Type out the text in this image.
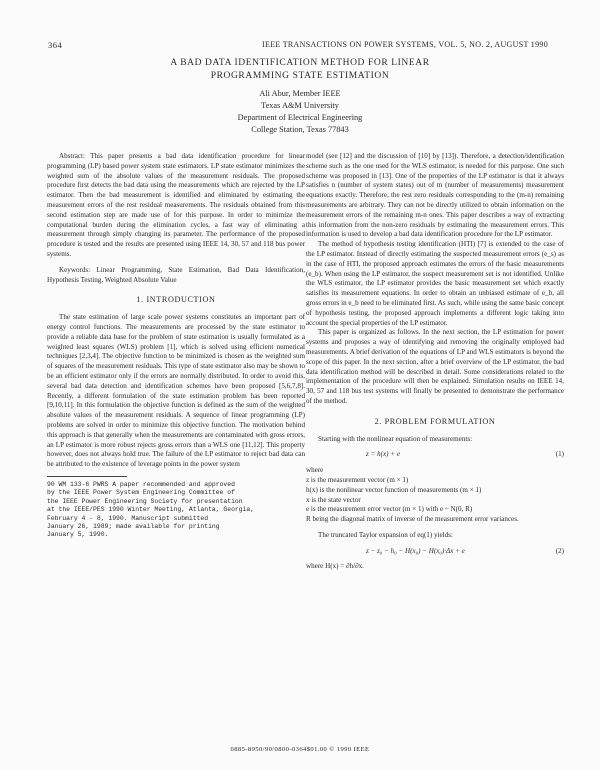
364	IEEE TRANSACTIONS ON POWER SYSTEMS, VOL. 5, NO. 2, AUGUST 1990
A BAD DATA IDENTIFICATION METHOD FOR LINEAR
PROGRAMMING STATE ESTIMATION
Ali Abur, Member IEEE
Texas A&M University
Department of Electrical Engineering
College Station, Texas 77843

Abstract: This paper presents a bad data identification procedure for linear programming (LP) based power system state estimators. LP state estimator minimizes the weighted sum of the absolute values of the measurement residuals. The proposed procedure first detects the bad data using the measurements which are rejected by the LP estimator. Then the bad measurement is identified and eliminated by estimating the measurement errors of the rest residual measurements. The residuals obtained from this second estimation step are made use of for this purpose. In order to minimize the computational burden during the elimination cycles, a fast way of eliminating a measurement through simply changing its parameter. The performance of the proposed procedure is tested and the results are presented using IEEE 14, 30, 57 and 118 bus power systems.

Keywords: Linear Programming, State Estimation, Bad Data Identification, Hypothesis Testing, Weighted Absolute Value

1. INTRODUCTION

The state estimation of large scale power systems constitutes an important part of energy control functions. The measurements are processed by the state estimator to provide a reliable data base for the problem of state estimation is usually formulated as a weighted least squares (WLS) problem [1], which is solved using efficient numerical techniques [2,3,4]. The objective function to be minimized is chosen as the weighted sum of squares of the measurement residuals. This type of state estimator also may be shown to be an efficient estimator only if the errors are normally distributed. In order to avoid this, several bad data detection and identification schemes have been proposed [5,6,7,8]. Recently, a different formulation of the state estimation problem has been reported [9,10,11]. In this formulation the objective function is defined as the sum of the weighted absolute values of the measurement residuals. A sequence of linear programming (LP) problems are solved in order to minimize this objective function. The motivation behind this approach is that generally when the measurements are contaminated with gross errors, an LP estimator is more robust rejects gross errors than a WLS one [11,12]. This property however, does not always hold true. The failure of the LP estimator to reject bad data can be attributed to the existence of leverage points in the power system

90 WM 133-6 PWRS A paper recommended and approved
by the IEEE Power System Engineering Committee of
the IEEE Power Engineering Society for presentation
at the IEEE/PES 1990 Winter Meeting, Atlanta, Georgia,
February 4 - 8, 1990. Manuscript submitted
January 26, 1989; made available for printing
January 5, 1990.

model (see [12] and the discussion of [10] by [13]). Therefore, a detection/identification scheme such as the one used for the WLS estimator, is needed for this purpose. One such scheme was proposed in [13]. One of the properties of the LP estimator is that it always satisfies n (number of system states) out of m (number of measurements) measurement equations exactly. Therefore, the rest zero residuals corresponding to the (m-n) remaining measurements are arbitrary. They can not be directly utilized to obtain information on the measurement errors of the remaining m-n ones. This paper describes a way of extracting this information from the non-zero residuals by estimating the measurement errors. This information is used to develop a bad data identification procedure for the LP estimator.

The method of hypothesis testing identification (HTI) [7] is extended to the case of the LP estimator. Instead of directly estimating the suspected measurement errors (e_s) as in the case of HTI, the proposed approach estimates the errors of the basic measurements (e_b). When using the LP estimator, the suspect measurement set is not identified. Unlike the WLS estimator, the LP estimator provides the basic measurement set which exactly satisfies its measurement equations. In order to obtain an unbiased estimate of e_b, all gross errors in e_b need to be eliminated first. As such, while using the same basic concept of hypothesis testing, the proposed approach implements a different logic taking into account the special properties of the LP estimator.

This paper is organized as follows. In the next section, the LP estimation for power systems and proposes a way of identifying and removing the originally employed bad measurements. A brief derivation of the equations of LP and WLS estimators is beyond the scope of this paper. In the next section, after a brief overview of the LP estimator, the bad data identification method will be described in detail. Some considerations related to the implementation of the procedure will then be explained. Simulation results on IEEE 14, 30, 57 and 118 bus test systems will finally be presented to demonstrate the performance of the method.

2. PROBLEM FORMULATION

Starting with the nonlinear equation of measurements:

z = h(x) + e	(1)

where

z is the measurement vector (m × 1)

h(x) is the nonlinear vector function of measurements (m × 1)

x is the state vector

e is the measurement error vector (m × 1) with e ~ N(0, R)

R being the diagonal matrix of inverse of the measurement error variances.

The truncated Taylor expansion of eq(1) yields:

z − z₀ − h₀ − H(x₀) − H(x₀)·Δx + e	(2)

where H(x) = ∂h/∂x.

0885-8950/90/0800-0364$01.00 © 1990 IEEE
